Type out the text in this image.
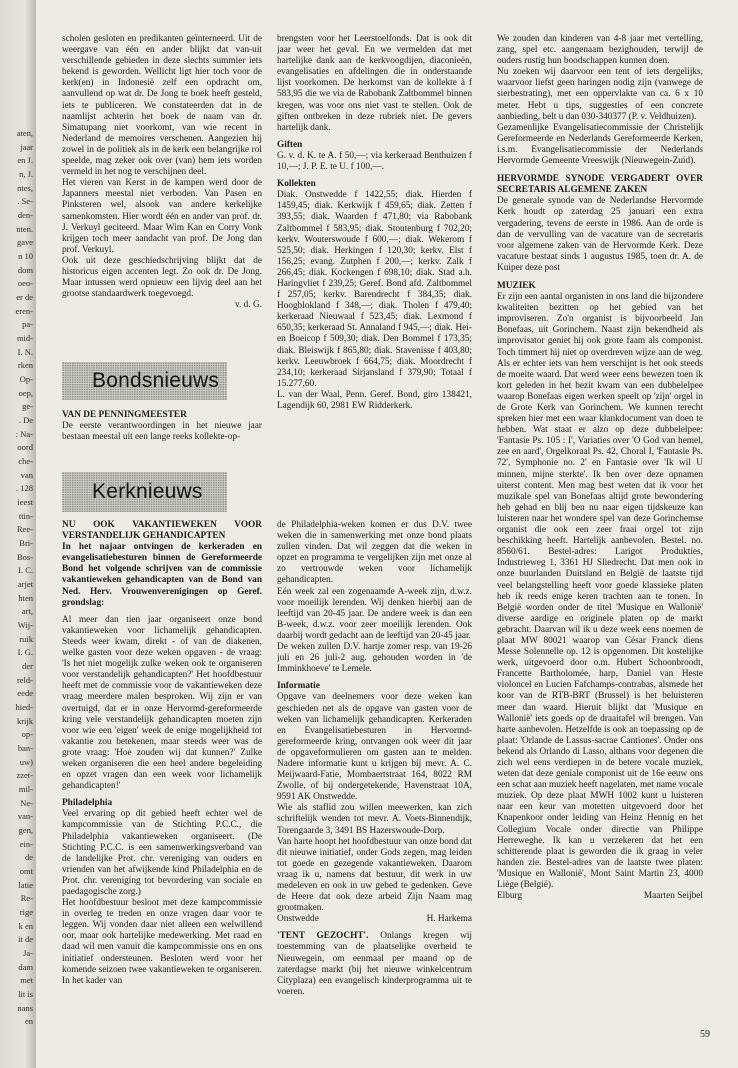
aten,
jaar
en J.
n, J.
ntes,
. Se-
den-
nten.
gave
n 10
dom
oeo-
er de
eren-
pa-
mid-
I. N.
rken
Op-
oep,
ge-
. De
: Na-
oord
che-
van
. 128
ieest
ttin-
Ree-
Bri-
Bos-
I. C.
arjet
hten
art,
Wij-
ruik
I. G.
der
reld-
eede
hied-
krijk
op-
ban-
uw)
zzet-
mil-
Ne-
van-
gen,
ein-
de
omt
latie
Re-
rige
k en
it de
Ja-
dam
met
lit is
nans
en

scholen gesloten en predikanten geïnterneerd. Uit de weergave van één en ander blijkt dat van-uit verschillende gebieden in deze slechts summier iets bekend is geworden. Wellicht ligt hier toch voor de kerk(en) in Indonesië zelf een opdracht om, aanvullend op wat dr. De Jong te boek heeft gesteld, iets te publiceren. We constateerden dat in de naamlijst achterin het boek de naam van dr. Simatupang niet voorkomt, van wie recent in Nederland de memoires verschenen. Aangezien hij zowel in de politiek als in de kerk een belangrijke rol speelde, mag zeker ook over (van) hem iets worden vermeld in het nog te verschijnen deel.

Het vieren van Kerst in de kampen werd door de Japanners meestal niet verboden. Van Pasen en Pinksteren wel, alsook van andere kerkelijke samenkomsten. Hier wordt één en ander van prof. dr. J. Verkuyl geciteerd. Maar Wim Kan en Corry Vonk krijgen toch meer aandacht van prof. De Jong dan prof. Verkuyl.

Ook uit deze geschiedschrijving blijkt dat de historicus eigen accenten legt. Zo ook dr. De Jong. Maar intussen werd opnieuw een lijvig deel aan het grootse standaardwerk toegevoegd.

v. d. G.

Bondsnieuws

VAN DE PENNINGMEESTER

De eerste verantwoordingen in het nieuwe jaar bestaan meestal uit een lange reeks kollekte-op-

brengsten voor het Leerstoelfonds. Dat is ook dit jaar weer het geval. En we vermelden dat met hartelijke dank aan de kerkvoogdijen, diaconieën, evangelisaties en afdelingen die in onderstaande lijst voorkomen. De herkomst van de kollekte à f 583,95 die we via de Rabobank Zaltbommel binnen kregen, was voor ons niet vast te stellen. Ook de giften ontbreken in deze rubriek niet. De gevers hartelijk dank.

Giften

G. v. d. K. te A. f 50,—; via kerkeraad Benthuizen f 10,—; J. P. E. te U. f 100,—.

Kollekten

Diak. Onstwedde f 1422,55; diak. Hierden f 1459,45; diak. Kerkwijk f 459,65; diak. Zetten f 393,55; diak. Waarden f 471,80; via Rabobank Zaltbommel f 583,95; diak. Stoutenburg f 702,20; kerkv. Wouterswoude f 600,—; diak. Wekerom f 525,50; diak. Herkingen f 120,30; kerkv. Elst f 156,25; evang. Zutphen f 200,—; kerkv. Zalk f 266,45; diak. Kockengen f 698,10; diak. Stad a.h. Haringvliet f 239,25; Geref. Bond afd. Zaltbommel f 257,05; kerkv. Barendrecht f 384,35; diak. Hoogblokland f 348,—; diak. Tholen f 479,40; kerkeraad Nieuwaal f 523,45; diak. Lexmond f 650,35; kerkeraad St. Annaland f 945,—; diak. Hei- en Boeicop f 509,30; diak. Den Bommel f 173,35; diak. Bleiswijk f 865,80; diak. Stavenisse f 403,80; kerkv. Leeuwbroek f 664,75; diak. Moordrecht f 234,10; kerkeraad Sirjansland f 379,90; Totaal f 15.277,60.

L. van der Waal, Penn. Geref. Bond, giro 138421, Lagendijk 60, 2981 EW Ridderkerk.

Kerknieuws

NU OOK VAKANTIEWEKEN VOOR VERSTANDELIJK GEHANDICAPTEN

In het najaar ontvingen de kerkeraden en evangelisatiebesturen binnen de Gereformeerde Bond het volgende schrijven van de commissie vakantieweken gehandicapten van de Bond van Ned. Herv. Vrouwenverenigingen op Geref. grondslag:

Al meer dan tien jaar organiseert onze bond vakantieweken voor lichamelijk gehandicapten. Steeds weer kwam, direkt - of van de diakenen, welke gasten voor deze weken opgaven - de vraag: 'Is het niet mogelijk zulke weken ook te organiseren voor verstandelijk gehandicapten?' Het hoofdbestuur heeft met de commissie voor de vakantieweken deze vraag meerdere malen besproken. Wij zijn er van overtuigd, dat er in onze Hervormd-gereformeerde kring vele verstandelijk gehandicapten moeten zijn voor wie een 'eigen' week de enige mogelijkheid tot vakantie zou betekenen, maar steeds weer was de grote vraag: 'Hoe zouden wij dat kunnen?' Zulke weken organiseren die een heel andere begeleiding en opzet vragen dan een week voor lichamelijk gehandicapten!'

Philadelphia

Veel ervaring op dit gebied heeft echter wel de kampcommissie van de Stichting P.C.C., die Philadelphia vakantieweken organiseert. (De Stichting P.C.C. is een samenwerkingsverband van de landelijke Prot. chr. vereniging van ouders en vrienden van het afwijkende kind Philadelphia en de Prot. chr. vereniging tot bevordering van sociale en paedagogische zorg.)

Het hoofdbestuur besloot met deze kampcommissie in overleg te treden en onze vragen daar voor te leggen. Wij vonden daar niet alleen een welwillend oor, maar ook hartelijke medewerking. Met raad en daad wil men vanuit die kampcommissie ons en ons initiatief ondersteunen. Besloten werd voor het komende seizoen twee vakantieweken te organiseren. In het kader van

de Philadelphia-weken komen er dus D.V. twee weken die in samenwerking met onze bond plaats zullen vinden. Dat wil zeggen dat die weken in opzet en programma te vergelijken zijn met onze al zo vertrouwde weken voor lichamelijk gehandicapten.

Eén week zal een zogenaamde A-week zijn, d.w.z. voor moeilijk lerenden. Wij denken hierbij aan de leeftijd van 20-45 jaar. De andere week is dan een B-week, d.w.z. voor zeer moeilijk lerenden. Ook daarbij wordt gedacht aan de leeftijd van 20-45 jaar.

De weken zullen D.V. hartje zomer resp. van 19-26 juli en 26 juli-2 aug. gehouden worden in 'de Imminkhoeve' te Lemele.

Informatie

Opgave van deelnemers voor deze weken kan geschieden net als de opgave van gasten voor de weken van lichamelijk gehandicapten. Kerkeraden en Evangelisatiebesturen in Hervormd-gereformeerde kring, ontvangen ook weer dit jaar de opgaveformulieren om gasten aan te melden. Nadere informatie kunt u krijgen bij mevr. A. C. Meijwaard-Fatie, Mombaertstraat 164, 8022 RM Zwolle, of bij ondergetekende, Havenstraat 10A, 9591 AK Onstwedde.

Wie als staflid zou willen meewerken, kan zich schriftelijk wenden tot mevr. A. Voets-Binnendijk, Torengaarde 3, 3491 BS Hazerswoude-Dorp.

Van harte hoopt het hoofdbestuur van onze bond dat dit nieuwe initiatief, onder Gods zegen, mag leiden tot goede en gezegende vakantieweken. Daarom vraag ik u, namens dat bestuur, dit werk in uw medeleven en ook in uw gebed te gedenken. Geve de Heere dat ook deze arbeid Zijn Naam mag grootmaken.

Onstwedde	H. Harkema

'TENT GEZOCHT'. Onlangs kregen wij toestemming van de plaatselijke overheid te Nieuwegein, om eenmaal per maand op de zaterdagse markt (bij het nieuwe winkelcentrum Cityplaza) een evangelisch kinderprogramma uit te voeren.

We zouden dan kinderen van 4-8 jaar met vertelling, zang, spel etc. aangenaam bezighouden, terwijl de ouders rustig hun boodschappen kunnen doen.

Nu zoeken wij daarvoor een tent of iets dergelijks, waarvoor liefst geen haringen nodig zijn (vanwege de sierbestrating), met een oppervlakte van ca. 6 x 10 meter. Hebt u tips, suggesties of een concrete aanbieding, belt u dan 030-340377 (P. v. Veldhuizen).

Gezamenlijke Evangelisatiecommissie der Christelijk Gereformeerde en Nederlands Gereformeerde Kerken, i.s.m. Evangelisatiecommissie der Nederlands Hervormde Gemeente Vreeswijk (Nieuwegein-Zuid).

HERVORMDE SYNODE VERGADERT OVER SECRETARIS ALGEMENE ZAKEN

De generale synode van de Nederlandse Hervormde Kerk houdt op zaterdag 25 januari een extra vergadering, tevens de eerste in 1986. Aan de orde is dan de vervulling van de vacature van de secretaris voor algemene zaken van de Hervormde Kerk. Deze vacature bestaat sinds 1 augustus 1985, toen dr. A. de Kuiper deze post

MUZIEK

Er zijn een aantal organisten in ons land die bijzondere kwaliteiten bezitten op het gebied van het improviseren. Zo'n organist is bijvoorbeeld Jan Bonefaas, uit Gorinchem. Naast zijn bekendheid als improvisator geniet hij ook grote faam als componist. Toch timmert hij niet op overdreven wijze aan de weg. Als er echter iets van hem verschijnt is het ook steeds de moeite waard. Dat werd weer eens bewezen toen ik kort geleden in het bezit kwam van een dubbelelpee waarop Bonefaas eigen werken speelt op 'zijn' orgel in de Grote Kerk van Gorinchem. We kunnen terecht spreken hier met een waar klankdocument van doen te hebben. Wat staat er alzo op deze dubbelelpee: 'Fantasie Ps. 105 : I', Variaties over 'O God van hemel, zee en aard', Orgelkoraal Ps. 42, Choral I, 'Fantasie Ps. 72', Symphonie no. 2' en Fantasie over 'Ik wil U minnen, mijne sterkte'. Ik ben over deze opnamen uiterst content. Men mag best weten dat ik voor het muzikale spel van Bonefaas altijd grote bewondering heb gehad en blij ben nu naar eigen tijdskeuze kan luisteren naar het wondere spel van deze Gorinchemse organist die ook een zeer fraai orgel tot zijn beschikking heeft. Hartelijk aanbevolen. Bestel. no. 8560/61. Bestel-adres: Larigot Produkties, Industrieweg 1, 3361 HJ Sliedrecht. Dat men ook in onze buurlanden Duitsland en België de laatste tijd veel belangstelling heeft voor goede klassieke platen heb ik reeds enige keren trachten aan te tonen. In België worden onder de titel 'Musique en Wallonië' diverse aardige en originele platen op de markt gebracht. Daarvan wil ik u deze week eens noemen de plaat MW 80021 waarop van César Franck diens Messe Solennelle op. 12 is opgenomen. Dit kostelijke werk, uitgevoerd door o.m. Hubert Schoonbroodt, Francette Bartholomée, harp, Daniel van Heste violoncel en Lucien Fafchamps-contrabas, alsmede het koor van de RTB-BRT (Brussel) is het beluisteren meer dan waard. Hieruit blijkt dat 'Musique en Wallonië' iets goeds op de draaitafel wil brengen. Van harte aanbevolen. Hetzelfde is ook an toepassing op de plaat: 'Orlande de Lassus-sacrae Cantiones'. Onder ons bekend als Orlando di Lasso, althans voor degenen die zich wel eens verdiepen in de betere vocale muziek, weten dat deze geniale componist uit de 16e eeuw ons een schat aan muziek heeft nagelaten, met name vocale muziek. Op deze plaat MWH 1002 kunt u luisteren naar een keur van motetten uitgevoerd door het Knapenkoor onder leiding van Heinz Hennig en het Collegium Vocale onder directie van Philippe Herreweghe. Ik kan u verzekeren dat het een schitterende plaat is geworden die ik graag in veler handen zie. Bestel-adres van de laatste twee platen: 'Musique en Wallonië', Mont Saint Martin 23, 4000 Liège (België).

Elburg	Maarten Seijbel

59
